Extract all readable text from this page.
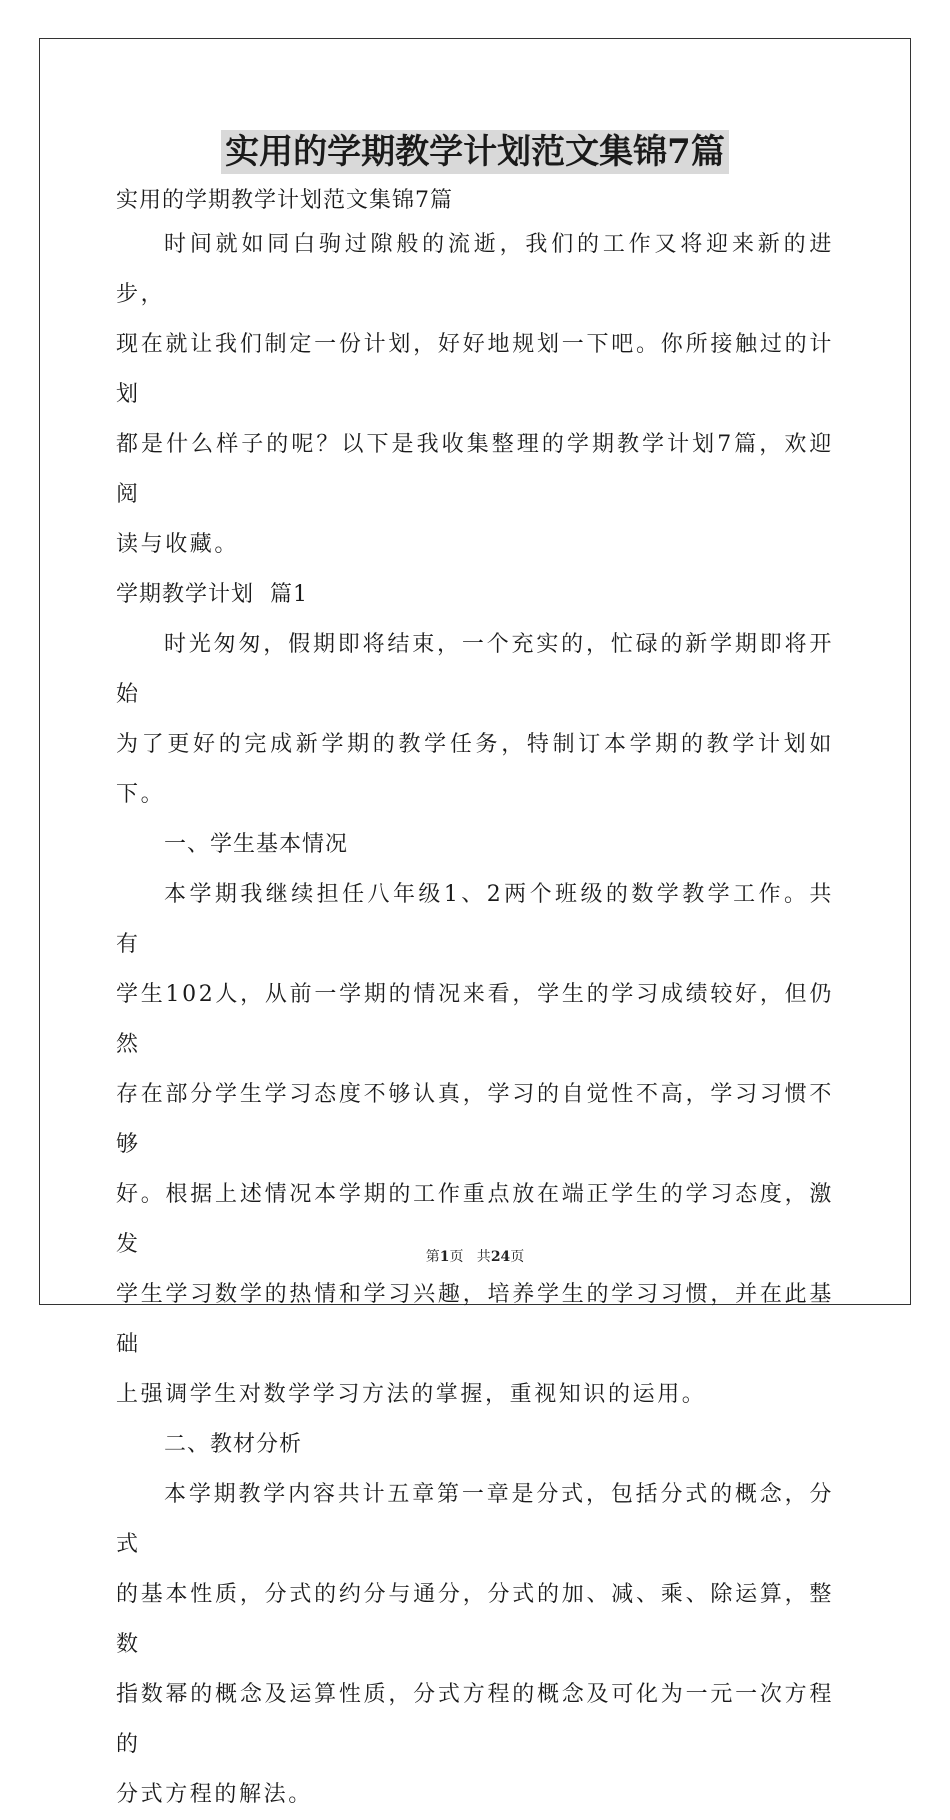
实用的学期教学计划范文集锦7篇

实用的学期教学计划范文集锦7篇

时间就如同白驹过隙般的流逝，我们的工作又将迎来新的进步，

现在就让我们制定一份计划，好好地规划一下吧。你所接触过的计划

都是什么样子的呢？以下是我收集整理的学期教学计划7篇，欢迎阅

读与收藏。

学期教学计划  篇1

时光匆匆，假期即将结束，一个充实的，忙碌的新学期即将开始

为了更好的完成新学期的教学任务，特制订本学期的教学计划如下。

一、学生基本情况

本学期我继续担任八年级1、2两个班级的数学教学工作。共有

学生102人，从前一学期的情况来看，学生的学习成绩较好，但仍然

存在部分学生学习态度不够认真，学习的自觉性不高，学习习惯不够

好。根据上述情况本学期的工作重点放在端正学生的学习态度，激发

学生学习数学的热情和学习兴趣，培养学生的学习习惯，并在此基础

上强调学生对数学学习方法的掌握，重视知识的运用。

二、教材分析

本学期教学内容共计五章第一章是分式，包括分式的概念，分式

的基本性质，分式的约分与通分，分式的加、减、乘、除运算，整数

指数幂的概念及运算性质，分式方程的概念及可化为一元一次方程的

分式方程的解法。

第1页   共24页
